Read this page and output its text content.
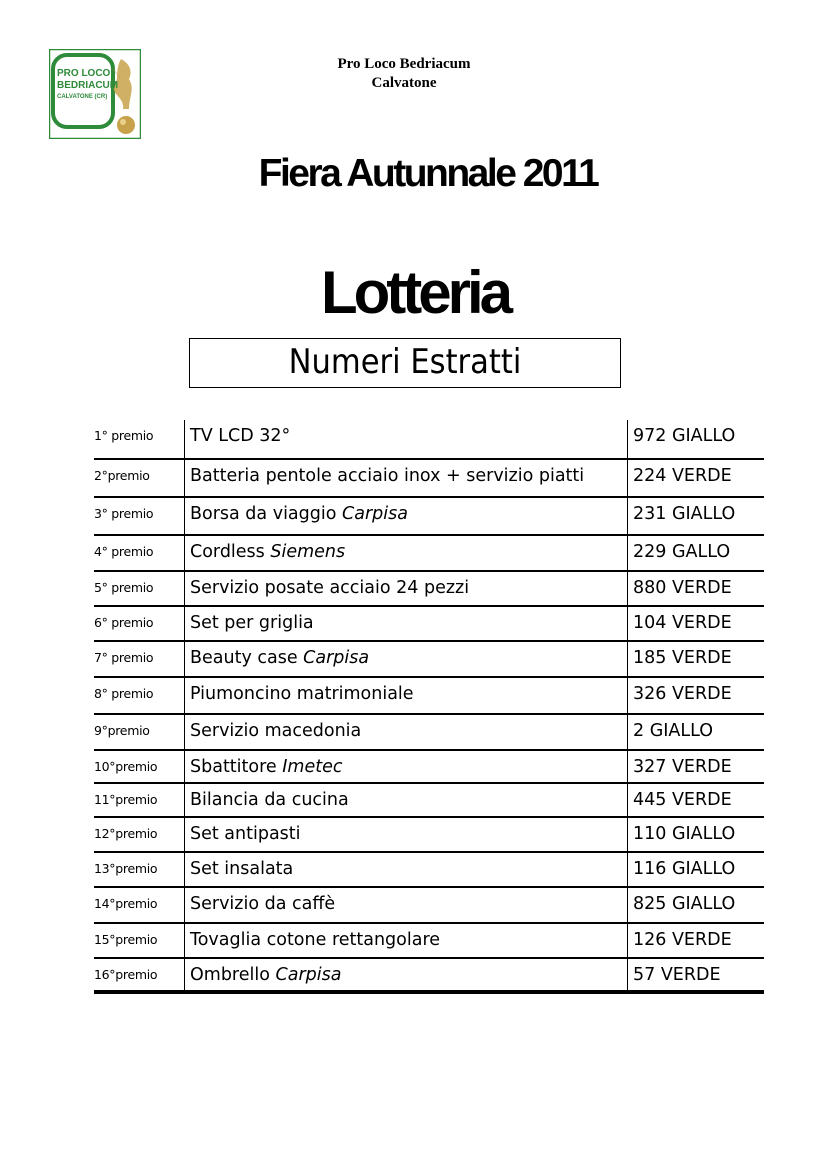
PRO LOCO
BEDRIACUM
CALVATONE (CR)
Pro Loco Bedriacum
Calvatone
Fiera Autunnale 2011
Lotteria
Numeri Estratti
1° premio	TV LCD 32°	972 GIALLO
2°premio	Batteria pentole acciaio inox + servizio piatti	224 VERDE
3° premio	Borsa da viaggio Carpisa	231 GIALLO
4° premio	Cordless Siemens	229 GALLO
5° premio	Servizio posate acciaio 24 pezzi	880 VERDE
6° premio	Set per griglia	104 VERDE
7° premio	Beauty case Carpisa	185 VERDE
8° premio	Piumoncino matrimoniale	326 VERDE
9°premio	Servizio macedonia	2 GIALLO
10°premio	Sbattitore Imetec	327 VERDE
11°premio	Bilancia da cucina	445 VERDE
12°premio	Set antipasti	110 GIALLO
13°premio	Set insalata	116 GIALLO
14°premio	Servizio da caffè	825 GIALLO
15°premio	Tovaglia cotone rettangolare	126 VERDE
16°premio	Ombrello Carpisa	57 VERDE
